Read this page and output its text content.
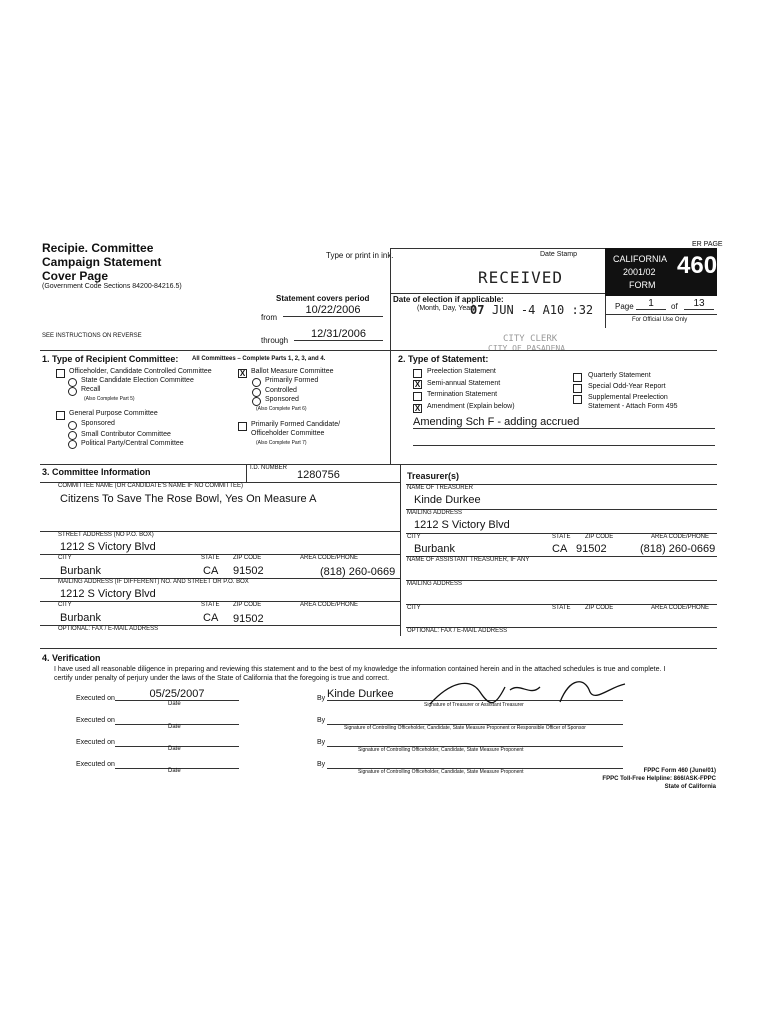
Recipie. Committee
Campaign Statement
Cover Page
(Government Code Sections 84200-84216.5)
Type or print in ink.	Date Stamp
ER PAGE
CALIFORNIA
2001/02
FORM
460
Page	1	of	13
For Official Use Only
RECEIVED
07 JUN -4 A10 :32
CITY CLERK
CITY OF PASADENA
Statement covers period
from
10/22/2006
through
12/31/2006
SEE INSTRUCTIONS ON REVERSE
Date of election if applicable:
(Month, Day, Year)
1. Type of Recipient Committee: All Committees – Complete Parts 1, 2, 3, and 4.
Officeholder, Candidate Controlled Committee
State Candidate Election Committee
Recall
(Also Complete Part 5)
General Purpose Committee
Sponsored
Small Contributor Committee
Political Party/Central Committee
X Ballot Measure Committee
Primarily Formed
Controlled
Sponsored
(Also Complete Part 6)
Primarily Formed Candidate/
Officeholder Committee
(Also Complete Part 7)
2. Type of Statement:
Preelection Statement
X Semi-annual Statement
Termination Statement
X Amendment (Explain below)
Quarterly Statement
Special Odd-Year Report
Supplemental Preelection
Statement - Attach Form 495
Amending Sch F - adding accrued
3. Committee Information	I.D. NUMBER
1280756
COMMITTEE NAME (OR CANDIDATE'S NAME IF NO COMMITTEE)
Citizens To Save The Rose Bowl, Yes On Measure A
STREET ADDRESS (NO P.O. BOX)
1212 S Victory Blvd
CITY	STATE ZIP CODE	AREA CODE/PHONE
Burbank	CA 91502	(818) 260-0669
MAILING ADDRESS (IF DIFFERENT) NO. AND STREET OR P.O. BOX
1212 S Victory Blvd
CITY	STATE ZIP CODE	AREA CODE/PHONE
Burbank	CA 91502
OPTIONAL: FAX / E-MAIL ADDRESS
Treasurer(s)
NAME OF TREASURER
Kinde Durkee
MAILING ADDRESS
1212 S Victory Blvd
CITY	STATE ZIP CODE	AREA CODE/PHONE
Burbank	CA 91502	(818) 260-0669
NAME OF ASSISTANT TREASURER, IF ANY
MAILING ADDRESS
CITY	STATE ZIP CODE	AREA CODE/PHONE
OPTIONAL: FAX / E-MAIL ADDRESS
4. Verification
I have used all reasonable diligence in preparing and reviewing this statement and to the best of my knowledge the information contained herein and in the attached schedules is true and complete. I
certify under penalty of perjury under the laws of the State of California that the foregoing is true and correct.
Executed on	05/25/2007
Date
By Kinde Durkee
Signature of Treasurer or Assistant Treasurer
Executed on
Date
By
Signature of Controlling Officeholder, Candidate, State Measure Proponent or Responsible Officer of Sponsor
Executed on
Date
By
Signature of Controlling Officeholder, Candidate, State Measure Proponent
Executed on
Date
By
Signature of Controlling Officeholder, Candidate, State Measure Proponent	FPPC Form 460 (June/01)
FPPC Toll-Free Helpline: 866/ASK-FPPC
State of California
